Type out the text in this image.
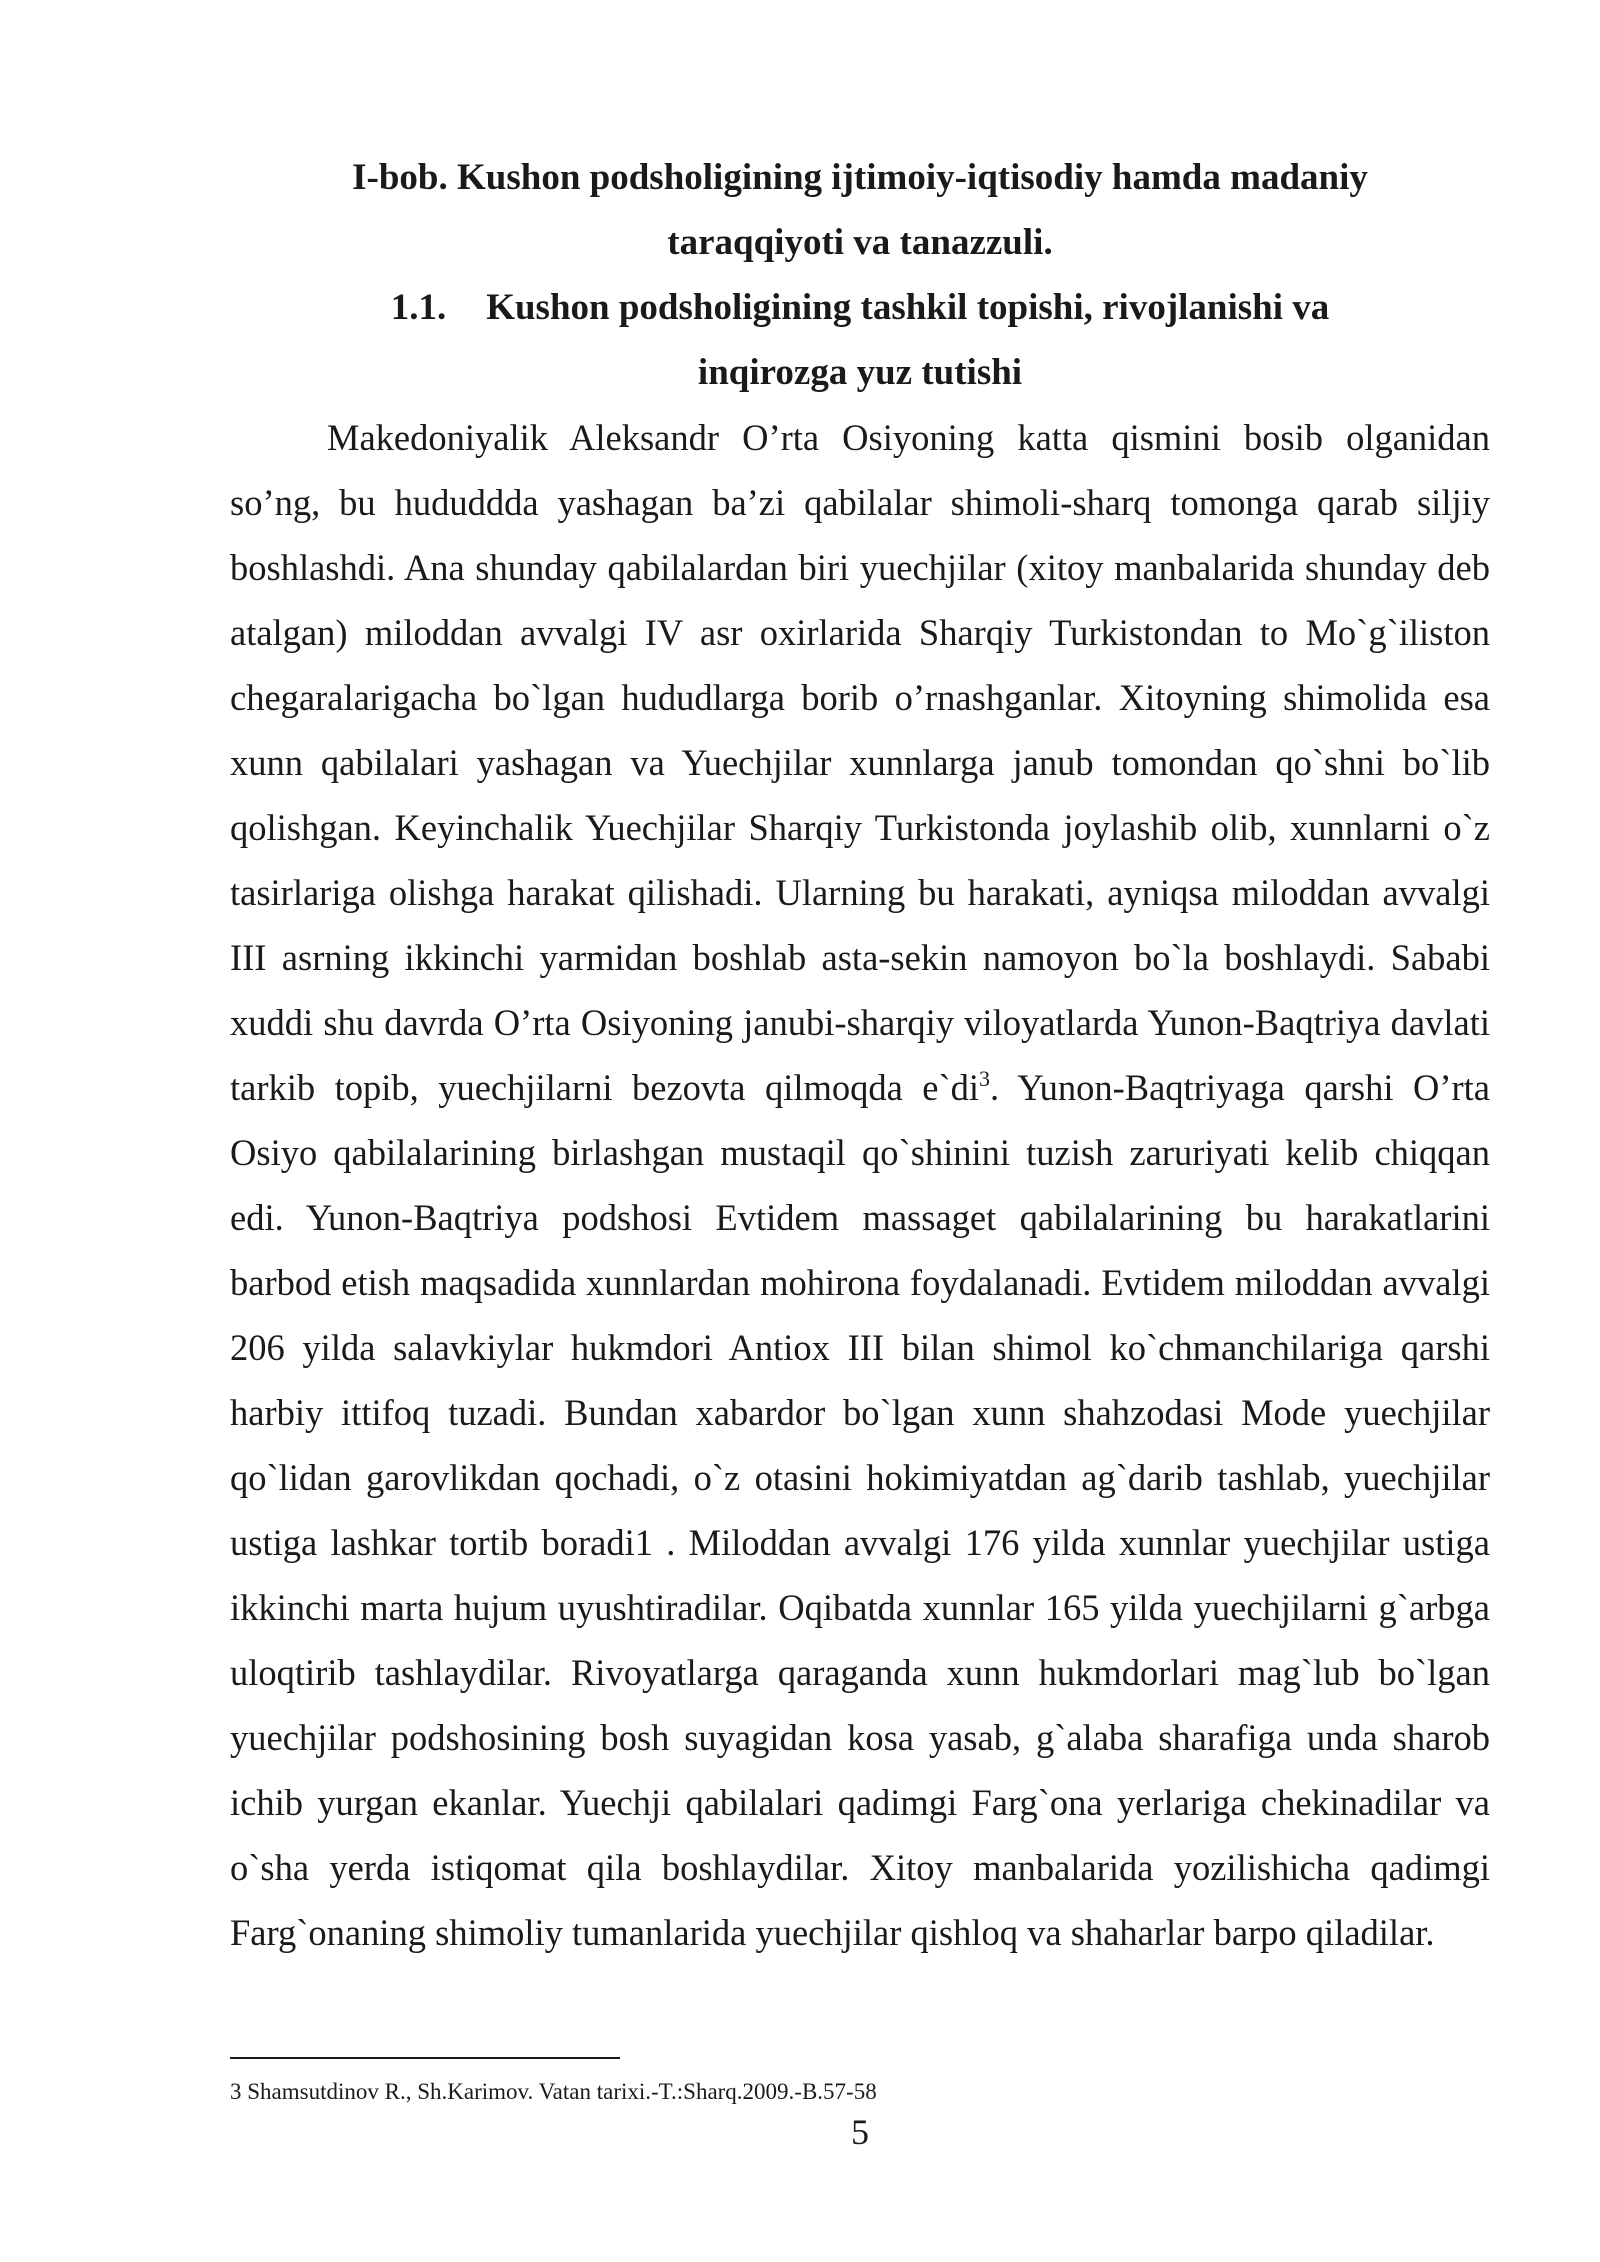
I-bob. Kushon podsholigining ijtimoiy-iqtisodiy hamda madaniy
taraqqiyoti va tanazzuli.
1.1. Kushon podsholigining tashkil topishi, rivojlanishi va
inqirozga yuz tutishi

Makedoniyalik Aleksandr O’rta Osiyoning katta qismini bosib olganidan so’ng, bu hududdda yashagan ba’zi qabilalar shimoli-sharq tomonga qarab siljiy boshlashdi. Ana shunday qabilalardan biri yuechjilar (xitoy manbalarida shunday deb atalgan) miloddan avvalgi IV asr oxirlarida Sharqiy Turkistondan to Mo`g`iliston chegaralarigacha bo`lgan hududlarga borib o’rnashganlar. Xitoyning shimolida esa xunn qabilalari yashagan va Yuechjilar xunnlarga janub tomondan qo`shni bo`lib qolishgan. Keyinchalik Yuechjilar Sharqiy Turkistonda joylashib olib, xunnlarni o`z tasirlariga olishga harakat qilishadi. Ularning bu harakati, ayniqsa miloddan avvalgi III asrning ikkinchi yarmidan boshlab asta-sekin namoyon bo`la boshlaydi. Sababi xuddi shu davrda O’rta Osiyoning janubi-sharqiy viloyatlarda Yunon-Baqtriya davlati tarkib topib, yuechjilarni bezovta qilmoqda $e`di^3$. Yunon-Baqtriyaga qarshi O’rta Osiyo qabilalarining birlashgan mustaqil qo`shinini tuzish zaruriyati kelib chiqqan edi. Yunon-Baqtriya podshosi Evtidem massaget qabilalarining bu harakatlarini barbod etish maqsadida xunnlardan mohirona foydalanadi. Evtidem miloddan avvalgi 206 yilda salavkiylar hukmdori Antiox III bilan shimol ko`chmanchilariga qarshi harbiy ittifoq tuzadi. Bundan xabardor bo`lgan xunn shahzodasi Mode yuechjilar qo`lidan garovlikdan qochadi, o`z otasini hokimiyatdan ag`darib tashlab, yuechjilar ustiga lashkar tortib boradi1 . Miloddan avvalgi 176 yilda xunnlar yuechjilar ustiga ikkinchi marta hujum uyushtiradilar. Oqibatda xunnlar 165 yilda yuechjilarni g`arbga uloqtirib tashlaydilar. Rivoyatlarga qaraganda xunn hukmdorlari mag`lub bo`lgan yuechjilar podshosining bosh suyagidan kosa yasab, g`alaba sharafiga unda sharob ichib yurgan ekanlar. Yuechji qabilalari qadimgi Farg`ona yerlariga chekinadilar va o`sha yerda istiqomat qila boshlaydilar. Xitoy manbalarida yozilishicha qadimgi Farg`onaning shimoliy tumanlarida yuechjilar qishloq va shaharlar barpo qiladilar.

3 Shamsutdinov R., Sh.Karimov. Vatan tarixi.-T.:Sharq.2009.-B.57-58
5
